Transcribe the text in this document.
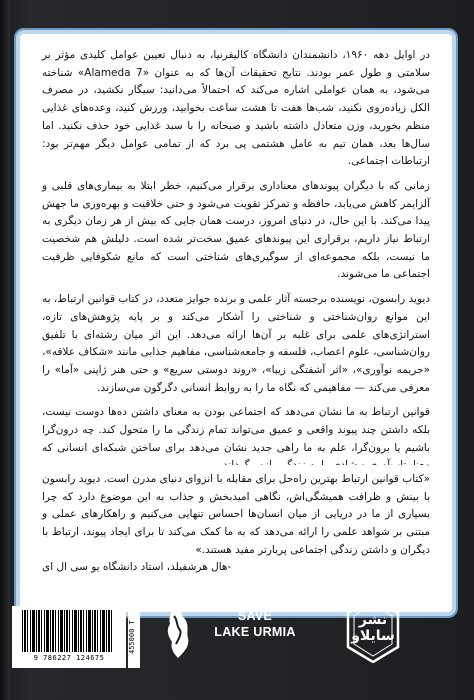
در اوایل دهه ۱۹۶۰، دانشمندان دانشگاه کالیفرنیا، به دنبال تعیین عوامل کلیدی مؤثر بر سلامتی و طول عمر بودند. نتایج تحقیقات آن‌ها که به عنوان «Alameda 7» شناخته می‌شود، به همان عواملی اشاره می‌کند که احتمالاً می‌دانید: سیگار نکشید، در مصرف الکل زیاده‌روی نکنید، شب‌ها هفت تا هشت ساعت بخوابید، ورزش کنید، وعده‌های غذایی منظم بخورید، وزن متعادل داشته باشید و صبحانه را با سبد غذایی خود حذف نکنید. اما سال‌ها بعد، همان تیم به عامل هشتمی پی برد که از تمامی عوامل دیگر مهم‌تر بود: ارتباطات اجتماعی.

زمانی که با دیگران پیوندهای معناداری برقرار می‌کنیم، خطر ابتلا به بیماری‌های قلبی و آلزایمر کاهش می‌یابد، حافظه و تمرکز تقویت می‌شود و حتی خلاقیت و بهره‌وری ما جهش پیدا می‌کند. با این حال، در دنیای امروز، درست همان جایی که بیش از هر زمان دیگری به ارتباط نیاز داریم، برقراری این پیوندهای عمیق سخت‌تر شده است. دلیلش هم شخصیت ما نیست، بلکه مجموعه‌ای از سوگیری‌های شناختی است که مانع شکوفایی ظرفیت اجتماعی ما می‌شوند.

دیوید رابسون، نویسنده برجسته آثار علمی و برنده جوایز متعدد، در کتاب قوانین ارتباط، به این موانع روان‌شناختی و شناختی را آشکار می‌کند و بر پایه پژوهش‌های تازه، استراتژی‌های علمی برای غلبه بر آن‌ها ارائه می‌دهد. این اثر میان رشته‌ای با تلفیق روان‌شناسی، علوم اعصاب، فلسفه و جامعه‌شناسی، مفاهیم جذابی مانند «شکاف علاقه»، «جریمه نوآوری»، «اثر آشفتگی زیبا»، «روند دوستی سریع» و حتی هنر ژاپنی «آما» را معرفی می‌کند — مفاهیمی که نگاه ما را به روابط انسانی دگرگون می‌سازند.

قوانین ارتباط به ما نشان می‌دهد که اجتماعی بودن به معنای داشتن ده‌ها دوست نیست، بلکه داشتن چند پیوند واقعی و عمیق می‌تواند تمام زندگی ما را متحول کند. چه درون‌گرا باشیم یا برون‌گرا، علم به ما راهی جدید نشان می‌دهد برای ساختن شبکه‌ای انسانی که

«کتاب قوانین ارتباط بهترین راه‌حل برای مقابله با انزوای دنیای مدرن است. دیوید رابسون با بینش و ظرافت همیشگی‌اش، نگاهی امیدبخش و جذاب به این موضوع دارد که چرا بسیاری از ما در دریایی از میان انسان‌ها احساس تنهایی می‌کنیم و راهکارهای عملی و مبتنی بر شواهد علمی را ارائه می‌دهد که به ما کمک می‌کند تا برای ایجاد پیوند، ارتباط با دیگران و داشتن زندگی اجتماعی پربارتر مفید هستند.»

-هال هرشفیلد، استاد دانشگاه یو سی ال ای
9 786227 124675
455000 T
SAVE
LAKE URMIA
نشر سایلاو
